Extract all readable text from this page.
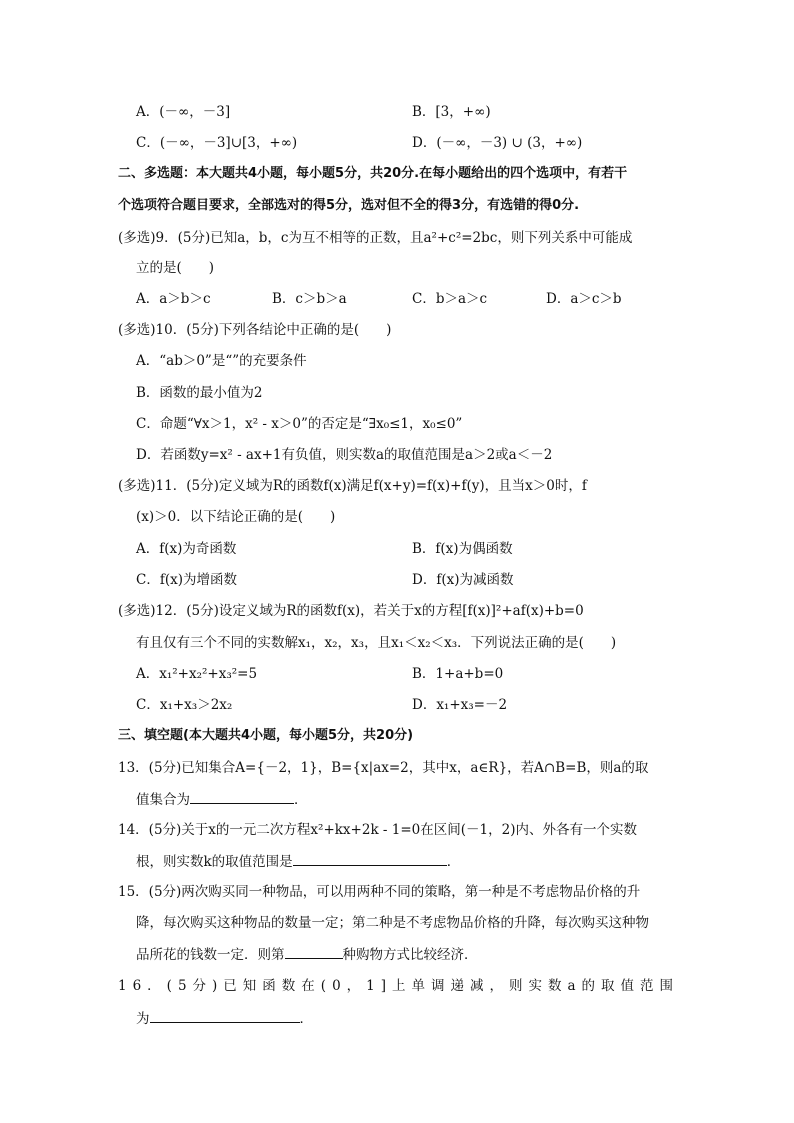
A．(－∞，－3]	B．[3，+∞)
C．(－∞，－3]∪[3，+∞)	D．(－∞，－3) ∪ (3，+∞)
二、多选题：本大题共4小题，每小题5分，共20分.在每小题给出的四个选项中，有若干
个选项符合题目要求，全部选对的得5分，选对但不全的得3分，有选错的得0分.
(多选)9．(5分)已知a，b，c为互不相等的正数，且a²+c²=2bc，则下列关系中可能成
立的是(　　)
A．a＞b＞c	B．c＞b＞a	C．b＞a＞c	D．a＞c＞b
(多选)10．(5分)下列各结论中正确的是(　　)
A．“ab＞0”是“”的充要条件
B．函数的最小值为2
C．命题“∀x＞1，x² - x＞0”的否定是“∃x₀≤1，x₀≤0”
D．若函数y=x² - ax+1有负值，则实数a的取值范围是a＞2或a＜－2
(多选)11．(5分)定义域为R的函数f(x)满足f(x+y)=f(x)+f(y)，且当x＞0时，f
(x)＞0．以下结论正确的是(　　)
A．f(x)为奇函数	B．f(x)为偶函数
C．f(x)为增函数	D．f(x)为减函数
(多选)12．(5分)设定义域为R的函数f(x)，若关于x的方程[f(x)]²+af(x)+b=0
有且仅有三个不同的实数解x₁，x₂，x₃，且x₁＜x₂＜x₃．下列说法正确的是(　　)
A．x₁²+x₂²+x₃²=5	B．1+a+b=0
C．x₁+x₃＞2x₂	D．x₁+x₃=－2
三、填空题(本大题共4小题，每小题5分，共20分)
13．(5分)已知集合A={－2，1}，B={x|ax=2，其中x，a∈R}，若A∩B=B，则a的取
值集合为	．
14．(5分)关于x的一元二次方程x²+kx+2k - 1=0在区间(－1，2)内、外各有一个实数
根，则实数k的取值范围是	．
15．(5分)两次购买同一种物品，可以用两种不同的策略，第一种是不考虑物品价格的升
降，每次购买这种物品的数量一定；第二种是不考虑物品价格的升降，每次购买这种物
品所花的钱数一定．则第	种购物方式比较经济．
16．(5分)已知函数在(0，1]上单调递减，则实数a的取值范围
为	．
